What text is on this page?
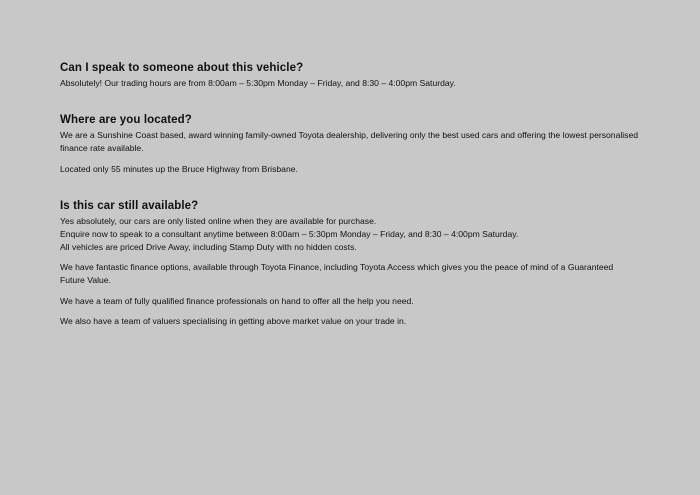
Can I speak to someone about this vehicle?

Absolutely! Our trading hours are from 8:00am – 5:30pm Monday – Friday, and 8:30 – 4:00pm Saturday.

Where are you located?

We are a Sunshine Coast based, award winning family-owned Toyota dealership, delivering only the best used cars and offering the lowest personalised finance rate available.

Located only 55 minutes up the Bruce Highway from Brisbane.

Is this car still available?

Yes absolutely, our cars are only listed online when they are available for purchase.
Enquire now to speak to a consultant anytime between 8:00am – 5:30pm Monday – Friday, and 8:30 – 4:00pm Saturday.
All vehicles are priced Drive Away, including Stamp Duty with no hidden costs.

We have fantastic finance options, available through Toyota Finance, including Toyota Access which gives you the peace of mind of a Guaranteed Future Value.

We have a team of fully qualified finance professionals on hand to offer all the help you need.

We also have a team of valuers specialising in getting above market value on your trade in.
